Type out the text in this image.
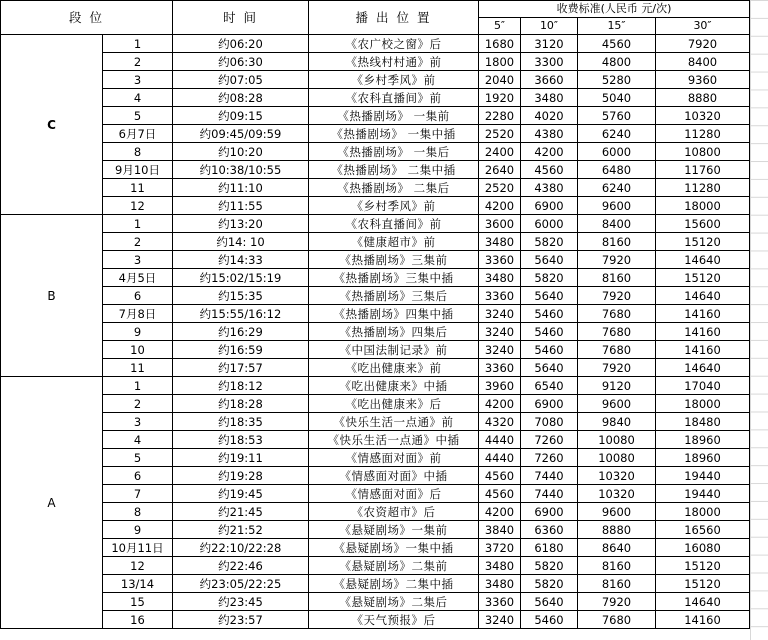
段 位		时 间	播 出 位 置	收费标准(人民币 元/次)			
				5″	10″	15″	30″
C	1	约06:20	《农广校之窗》后	1680	3120	4560	7920
	2	约06:30	《热线村村通》前	1800	3300	4800	8400
	3	约07:05	《乡村季风》前	2040	3660	5280	9360
	4	约08:28	《农科直播间》前	1920	3480	5040	8880
	5	约09:15	《热播剧场》 一集前	2280	4020	5760	10320
	6月7日	约09:45/09:59	《热播剧场》 一集中插	2520	4380	6240	11280
	8	约10:20	《热播剧场》 一集后	2400	4200	6000	10800
	9月10日	约10:38/10:55	《热播剧场》 二集中插	2640	4560	6480	11760
	11	约11:10	《热播剧场》 二集后	2520	4380	6240	11280
	12	约11:55	《乡村季风》前	4200	6900	9600	18000
B	1	约13:20	《农科直播间》前	3600	6000	8400	15600
	2	约14: 10	《健康超市》前	3480	5820	8160	15120
	3	约14:33	《热播剧场》三集前	3360	5640	7920	14640
	4月5日	约15:02/15:19	《热播剧场》三集中插	3480	5820	8160	15120
	6	约15:35	《热播剧场》三集后	3360	5640	7920	14640
	7月8日	约15:55/16:12	《热播剧场》四集中插	3240	5460	7680	14160
	9	约16:29	《热播剧场》四集后	3240	5460	7680	14160
	10	约16:59	《中国法制记录》前	3240	5460	7680	14160
	11	约17:57	《吃出健康来》前	3360	5640	7920	14640
A	1	约18:12	《吃出健康来》中插	3960	6540	9120	17040
	2	约18:28	《吃出健康来》后	4200	6900	9600	18000
	3	约18:35	《快乐生活一点通》前	4320	7080	9840	18480
	4	约18:53	《快乐生活一点通》中插	4440	7260	10080	18960
	5	约19:11	《情感面对面》前	4440	7260	10080	18960
	6	约19:28	《情感面对面》中插	4560	7440	10320	19440
	7	约19:45	《情感面对面》后	4560	7440	10320	19440
	8	约21:45	《农资超市》后	4200	6900	9600	18000
	9	约21:52	《悬疑剧场》一集前	3840	6360	8880	16560
	10月11日	约22:10/22:28	《悬疑剧场》一集中插	3720	6180	8640	16080
	12	约22:46	《悬疑剧场》二集前	3480	5820	8160	15120
	13/14	约23:05/22:25	《悬疑剧场》二集中插	3480	5820	8160	15120
	15	约23:45	《悬疑剧场》二集后	3360	5640	7920	14640
	16	约23:57	《天气预报》后	3240	5460	7680	14160
